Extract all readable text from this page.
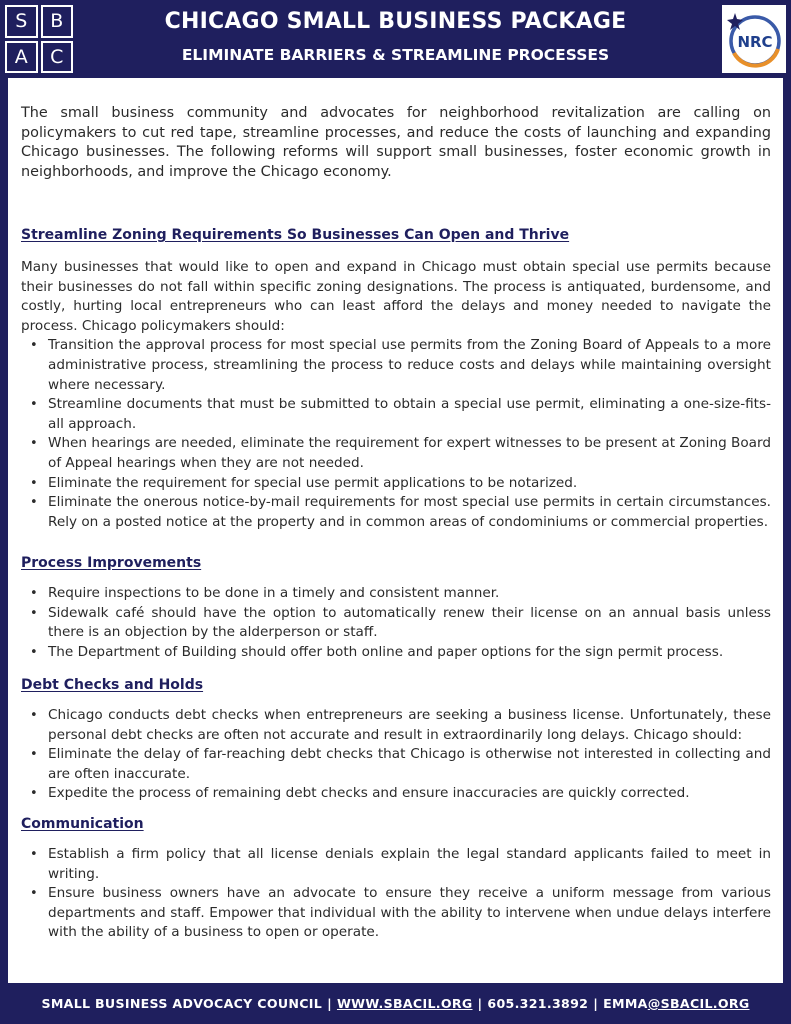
S	B
A	C
CHICAGO SMALL BUSINESS PACKAGE
ELIMINATE BARRIERS & STREAMLINE PROCESSES
NRC

The small business community and advocates for neighborhood revitalization are calling on policymakers to cut red tape, streamline processes, and reduce the costs of launching and expanding Chicago businesses. The following reforms will support small businesses, foster economic growth in neighborhoods, and improve the Chicago economy.

Streamline Zoning Requirements So Businesses Can Open and Thrive

Many businesses that would like to open and expand in Chicago must obtain special use permits because their businesses do not fall within specific zoning designations. The process is antiquated, burdensome, and costly, hurting local entrepreneurs who can least afford the delays and money needed to navigate the process. Chicago policymakers should:

• Transition the approval process for most special use permits from the Zoning Board of Appeals to a more administrative process, streamlining the process to reduce costs and delays while maintaining oversight where necessary.
• Streamline documents that must be submitted to obtain a special use permit, eliminating a one-size-fits-all approach.
• When hearings are needed, eliminate the requirement for expert witnesses to be present at Zoning Board of Appeal hearings when they are not needed.
• Eliminate the requirement for special use permit applications to be notarized.
• Eliminate the onerous notice-by-mail requirements for most special use permits in certain circumstances. Rely on a posted notice at the property and in common areas of condominiums or commercial properties.
Process Improvements
• Require inspections to be done in a timely and consistent manner.
• Sidewalk café should have the option to automatically renew their license on an annual basis unless there is an objection by the alderperson or staff.
• The Department of Building should offer both online and paper options for the sign permit process.
Debt Checks and Holds
• Chicago conducts debt checks when entrepreneurs are seeking a business license. Unfortunately, these personal debt checks are often not accurate and result in extraordinarily long delays. Chicago should:
• Eliminate the delay of far-reaching debt checks that Chicago is otherwise not interested in collecting and are often inaccurate.
• Expedite the process of remaining debt checks and ensure inaccuracies are quickly corrected.
Communication
• Establish a firm policy that all license denials explain the legal standard applicants failed to meet in writing.
• Ensure business owners have an advocate to ensure they receive a uniform message from various departments and staff. Empower that individual with the ability to intervene when undue delays interfere with the ability of a business to open or operate.
SMALL BUSINESS ADVOCACY COUNCIL | WWW.SBACIL.ORG | 605.321.3892 | EMMA@SBACIL.ORG
